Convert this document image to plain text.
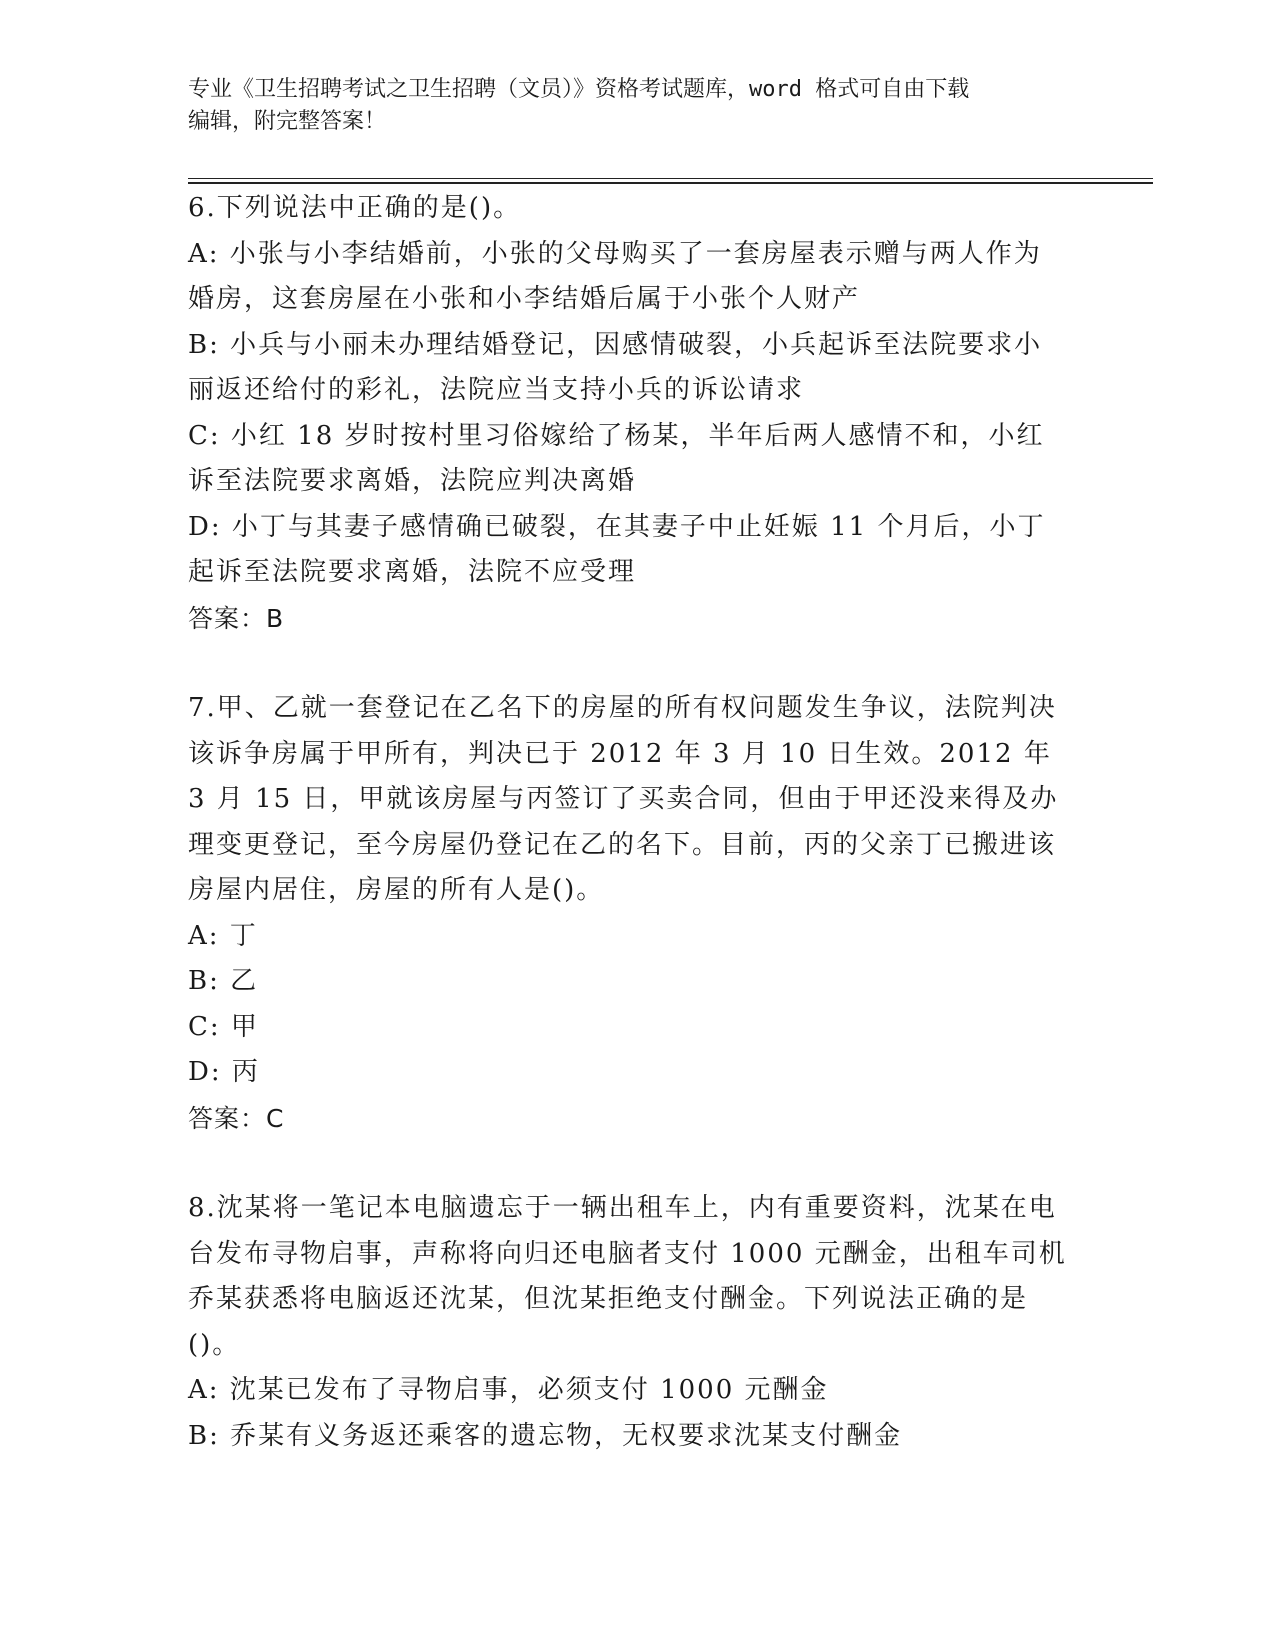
专业《卫生招聘考试之卫生招聘（文员）》资格考试题库，word 格式可自由下载
编辑，附完整答案！
6.下列说法中正确的是()。
A: 小张与小李结婚前，小张的父母购买了一套房屋表示赠与两人作为婚房，这套房屋在小张和小李结婚后属于小张个人财产
B: 小兵与小丽未办理结婚登记，因感情破裂，小兵起诉至法院要求小丽返还给付的彩礼，法院应当支持小兵的诉讼请求
C: 小红 18 岁时按村里习俗嫁给了杨某，半年后两人感情不和，小红诉至法院要求离婚，法院应判决离婚
D: 小丁与其妻子感情确已破裂，在其妻子中止妊娠 11 个月后，小丁起诉至法院要求离婚，法院不应受理
答案：B
7.甲、乙就一套登记在乙名下的房屋的所有权问题发生争议，法院判决该诉争房属于甲所有，判决已于 2012 年 3 月 10 日生效。2012 年 3 月 15 日，甲就该房屋与丙签订了买卖合同，但由于甲还没来得及办理变更登记，至今房屋仍登记在乙的名下。目前，丙的父亲丁已搬进该房屋内居住，房屋的所有人是()。
A: 丁
B: 乙
C: 甲
D: 丙
答案：C
8.沈某将一笔记本电脑遗忘于一辆出租车上，内有重要资料，沈某在电台发布寻物启事，声称将向归还电脑者支付 1000 元酬金，出租车司机乔某获悉将电脑返还沈某，但沈某拒绝支付酬金。下列说法正确的是()。
A: 沈某已发布了寻物启事，必须支付 1000 元酬金
B: 乔某有义务返还乘客的遗忘物，无权要求沈某支付酬金
